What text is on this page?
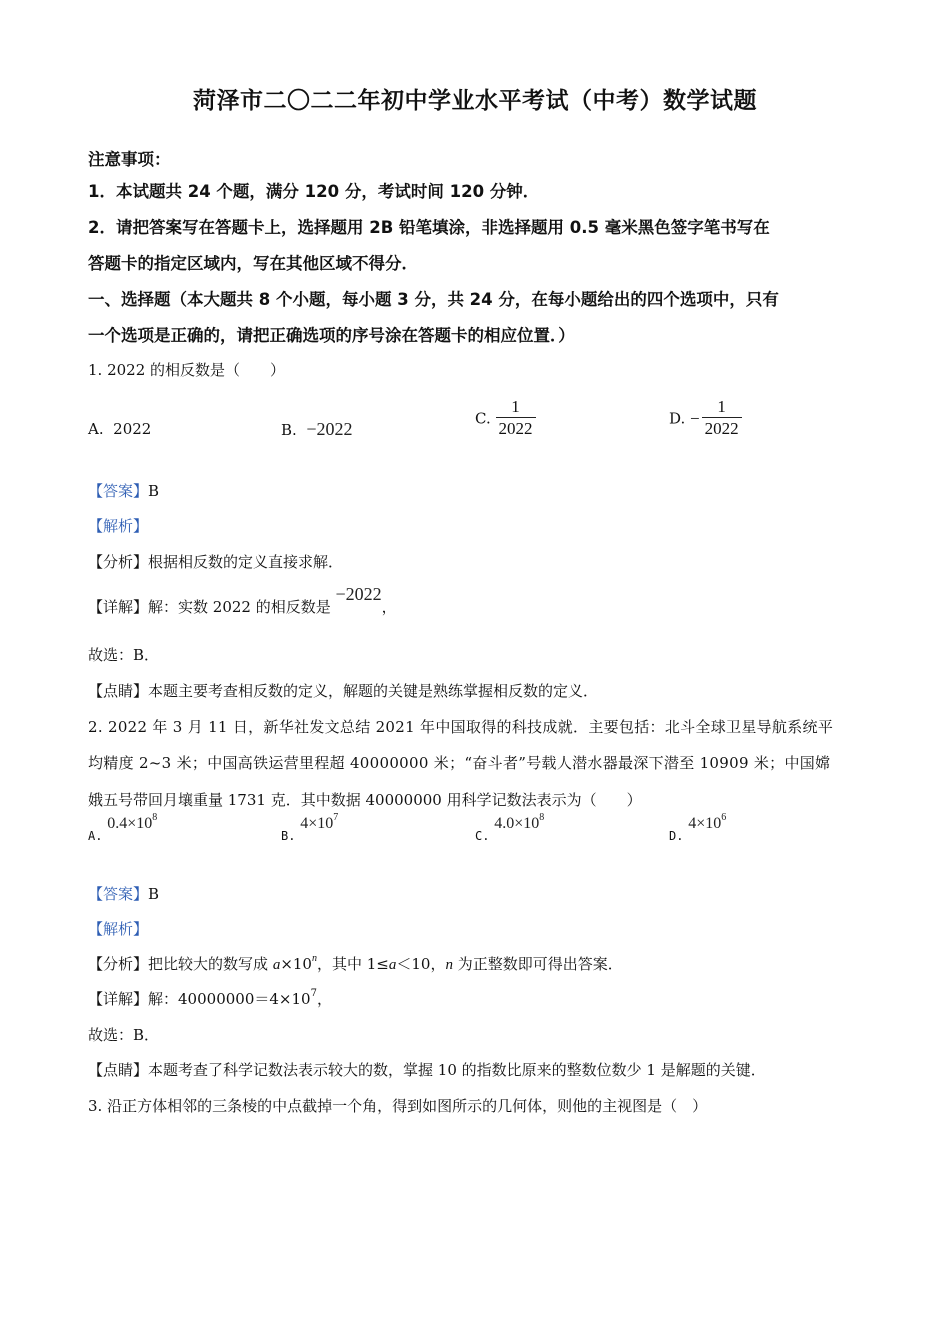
菏泽市二〇二二年初中学业水平考试（中考）数学试题
注意事项：
1．本试题共 24 个题，满分 120 分，考试时间 120 分钟．
2．请把答案写在答题卡上，选择题用 2B 铅笔填涂，非选择题用 0.5 毫米黑色签字笔书写在
答题卡的指定区域内，写在其他区域不得分．
一、选择题（本大题共 8 个小题，每小题 3 分，共 24 分，在每小题给出的四个选项中，只有
一个选项是正确的，请把正确选项的序号涂在答题卡的相应位置．）
1. 2022 的相反数是（　　）
A. 2022	B. −2022
C. $\frac{1}{2022}$	D. − $\frac{1}{2022}$
【答案】B
【解析】
【分析】根据相反数的定义直接求解．
【详解】解：实数 2022 的相反数是 −2022，
故选：B．
【点睛】本题主要考查相反数的定义，解题的关键是熟练掌握相反数的定义．
2. 2022 年 3 月 11 日，新华社发文总结 2021 年中国取得的科技成就．主要包括：北斗全球卫星导航系统平
均精度 2~3 米；中国高铁运营里程超 40000000 米；“奋斗者”号载人潜水器最深下潜至 10909 米；中国嫦
娥五号带回月壤重量 1731 克．其中数据 40000000 用科学记数法表示为（　　）
A. $0.4\times 10^8$
B. $4\times 10^7$
C. $4.0\times 10^8$
D. $4\times 10^6$
【答案】B
【解析】
【分析】把比较大的数写成 $a\times 10^n$，其中 1≤a＜10，n 为正整数即可得出答案．
【详解】解：$40000000=4\times 10^7$，
故选：B．
【点睛】本题考查了科学记数法表示较大的数，掌握 10 的指数比原来的整数位数少 1 是解题的关键．
3. 沿正方体相邻的三条棱的中点截掉一个角，得到如图所示的几何体，则他的主视图是（　）
